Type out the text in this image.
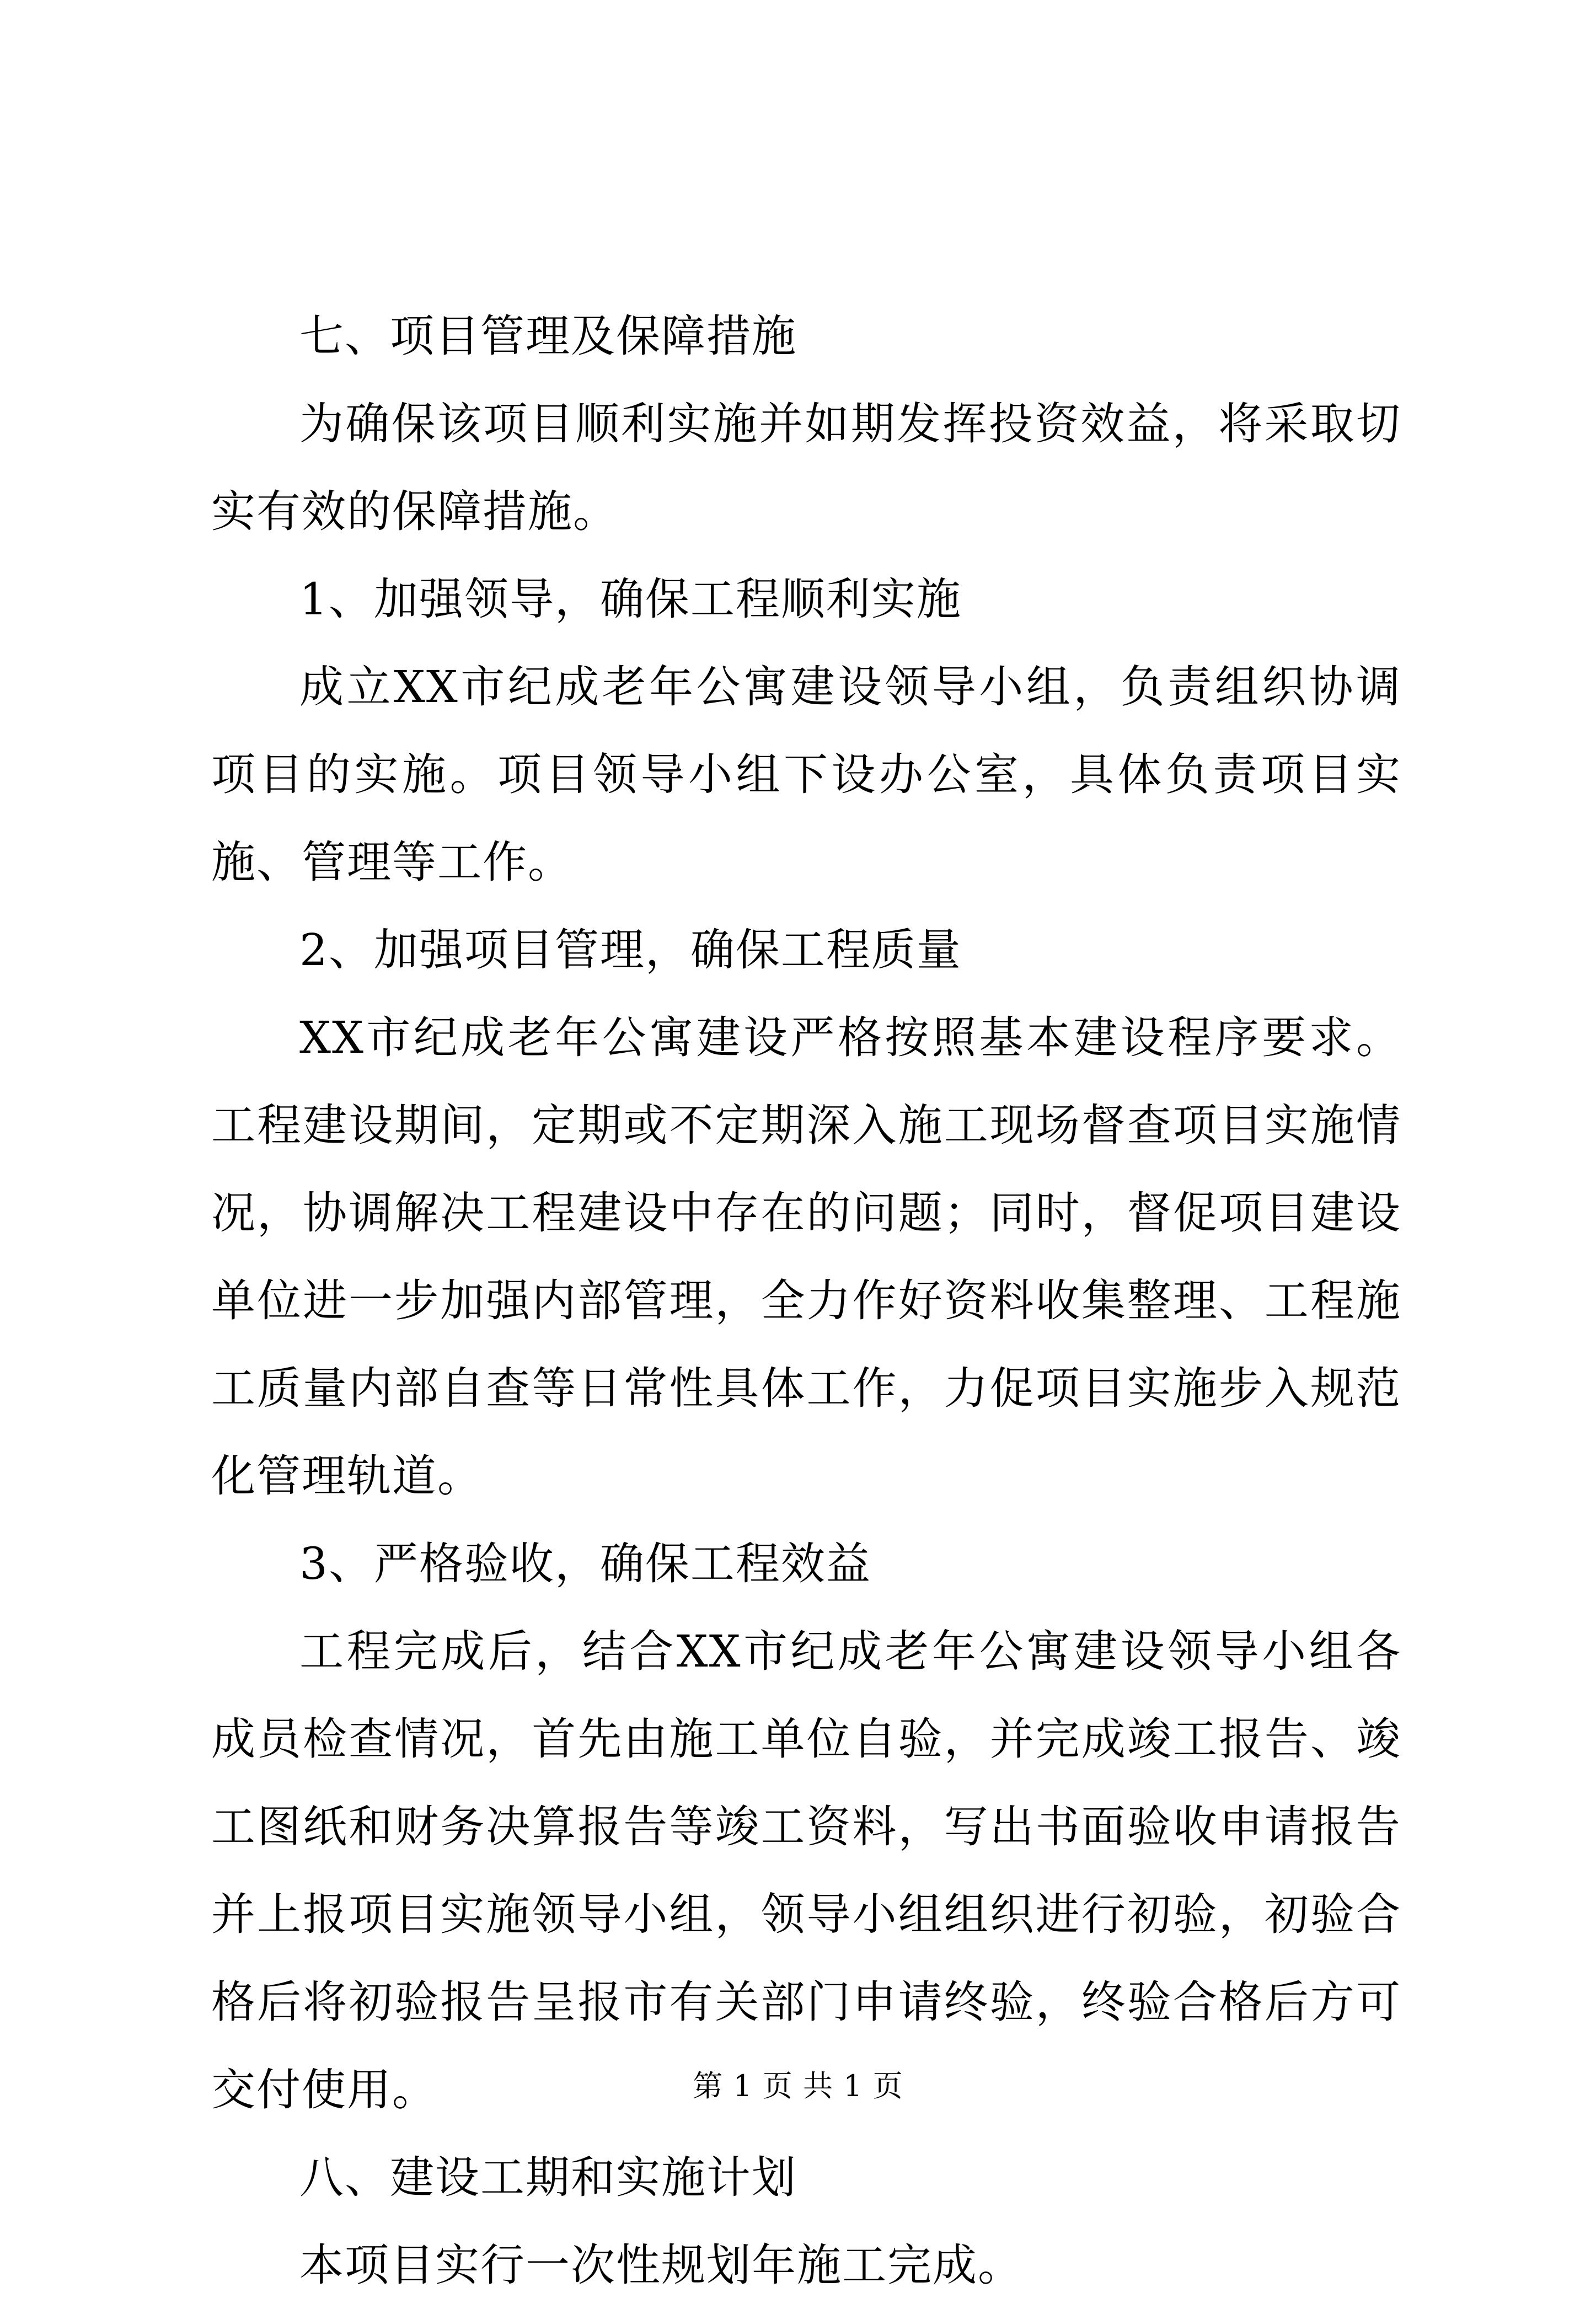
七、项目管理及保障措施

为确保该项目顺利实施并如期发挥投资效益，将采取切实有效的保障措施。

1、加强领导，确保工程顺利实施

成立XX市纪成老年公寓建设领导小组，负责组织协调项目的实施。项目领导小组下设办公室，具体负责项目实施、管理等工作。

2、加强项目管理，确保工程质量

XX市纪成老年公寓建设严格按照基本建设程序要求。工程建设期间，定期或不定期深入施工现场督查项目实施情况，协调解决工程建设中存在的问题；同时，督促项目建设单位进一步加强内部管理，全力作好资料收集整理、工程施工质量内部自查等日常性具体工作，力促项目实施步入规范化管理轨道。

3、严格验收，确保工程效益

工程完成后，结合XX市纪成老年公寓建设领导小组各成员检查情况，首先由施工单位自验，并完成竣工报告、竣工图纸和财务决算报告等竣工资料，写出书面验收申请报告并上报项目实施领导小组，领导小组组织进行初验，初验合格后将初验报告呈报市有关部门申请终验，终验合格后方可交付使用。

八、建设工期和实施计划

本项目实行一次性规划年施工完成。

第 1 页 共 1 页
